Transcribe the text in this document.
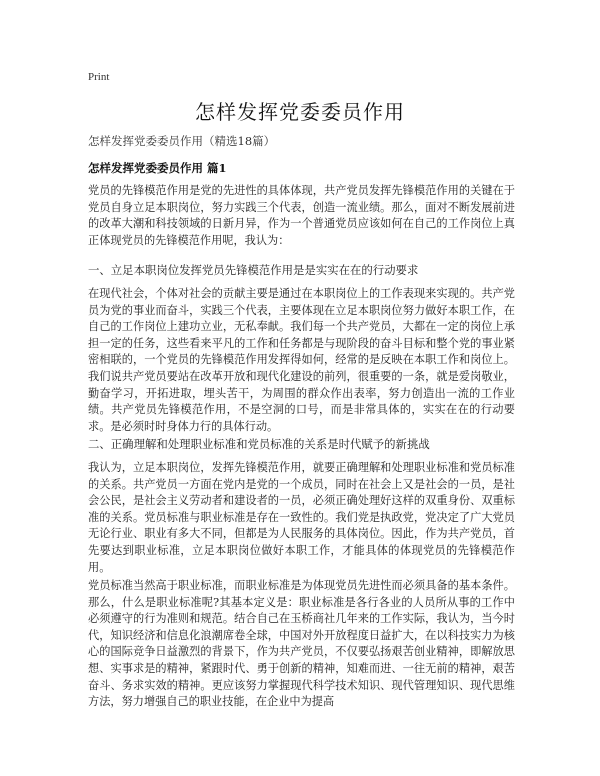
Print
怎样发挥党委委员作用
怎样发挥党委委员作用（精选18篇）
怎样发挥党委委员作用 篇1

党员的先锋模范作用是党的先进性的具体体现，共产党员发挥先锋模范作用的关键在于党员自身立足本职岗位，努力实践三个代表，创造一流业绩。那么，面对不断发展前进的改革大潮和科技领域的日新月异，作为一个普通党员应该如何在自己的工作岗位上真正体现党员的先锋模范作用呢，我认为：

一、立足本职岗位发挥党员先锋模范作用是是实实在在的行动要求

在现代社会，个体对社会的贡献主要是通过在本职岗位上的工作表现来实现的。共产党员为党的事业而奋斗，实践三个代表，主要体现在立足本职岗位努力做好本职工作，在自己的工作岗位上建功立业，无私奉献。我们每一个共产党员，大都在一定的岗位上承担一定的任务，这些看来平凡的工作和任务都是与现阶段的奋斗目标和整个党的事业紧密相联的，一个党员的先锋模范作用发挥得如何，经常的是反映在本职工作和岗位上。我们说共产党员要站在改革开放和现代化建设的前列，很重要的一条，就是爱岗敬业，勤奋学习，开拓进取，埋头苦干，为周围的群众作出表率，努力创造出一流的工作业绩。共产党员先锋模范作用，不是空洞的口号，而是非常具体的，实实在在的行动要求。是必须时时身体力行的具体行动。

二、正确理解和处理职业标准和党员标准的关系是时代赋予的新挑战

我认为，立足本职岗位，发挥先锋模范作用，就要正确理解和处理职业标准和党员标准的关系。共产党员一方面在党内是党的一个成员，同时在社会上又是社会的一员，是社会公民，是社会主义劳动者和建设者的一员，必须正确处理好这样的双重身份、双重标准的关系。党员标准与职业标准是存在一致性的。我们党是执政党，党决定了广大党员无论行业、职业有多大不同，但都是为人民服务的具体岗位。因此，作为共产党员，首先要达到职业标准，立足本职岗位做好本职工作，才能具体的体现党员的先锋模范作用。

党员标准当然高于职业标准，而职业标准是为体现党员先进性而必须具备的基本条件。那么，什么是职业标准呢?其基本定义是：职业标准是各行各业的人员所从事的工作中必须遵守的行为准则和规范。结合自己在玉桥商社几年来的工作实际，我认为，当今时代，知识经济和信息化浪潮席卷全球，中国对外开放程度日益扩大，在以科技实力为核心的国际竞争日益激烈的背景下，作为共产党员，不仅要弘扬艰苦创业精神，即解放思想、实事求是的精神，紧跟时代、勇于创新的精神，知难而进、一往无前的精神，艰苦奋斗、务求实效的精神。更应该努力掌握现代科学技术知识、现代管理知识、现代思维方法，努力增强自己的职业技能，在企业中为提高
